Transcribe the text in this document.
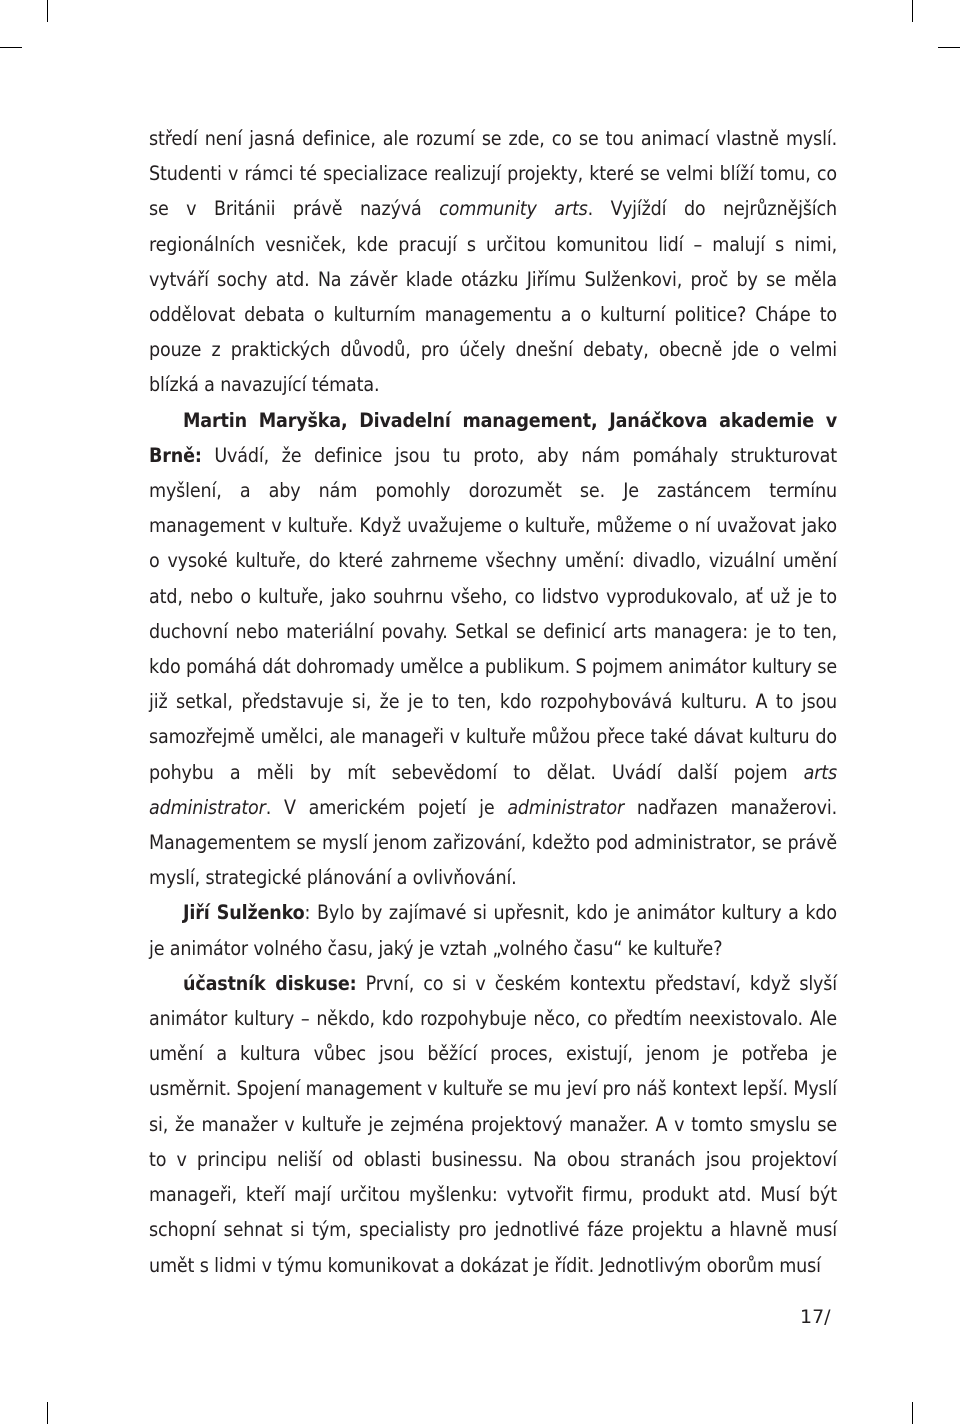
středí není jasná definice, ale rozumí se zde, co se tou animací vlastně myslí. Studenti v rámci té specializace realizují projekty, které se velmi blíží tomu, co se v Británii právě nazývá community arts. Vyjíždí do nejrůznějších regionálních vesniček, kde pracují s určitou komunitou lidí – malují s nimi, vytváří sochy atd. Na závěr klade otázku Jiřímu Sulženkovi, proč by se měla oddělovat debata o kulturním managementu a o kulturní politice? Chápe to pouze z praktických důvodů, pro účely dnešní debaty, obecně jde o velmi blízká a navazující témata.

Martin Maryška, Divadelní management, Janáčkova akademie v Brně: Uvádí, že definice jsou tu proto, aby nám pomáhaly strukturovat myšlení, a aby nám pomohly dorozumět se. Je zastáncem termínu management v kultuře. Když uvažujeme o kultuře, můžeme o ní uvažovat jako o vysoké kultuře, do které zahrneme všechny umění: divadlo, vizuální umění atd, nebo o kultuře, jako souhrnu všeho, co lidstvo vyprodukovalo, ať už je to duchovní nebo materiální povahy. Setkal se definicí arts managera: je to ten, kdo pomáhá dát dohromady umělce a publikum. S pojmem animátor kultury se již setkal, představuje si, že je to ten, kdo rozpohybovává kulturu. A to jsou samozřejmě umělci, ale manageři v kultuře můžou přece také dávat kulturu do pohybu a měli by mít sebevědomí to dělat. Uvádí další pojem arts administrator. V americkém pojetí je administrator nadřazen manažerovi. Managementem se myslí jenom zařizování, kdežto pod administrator, se právě myslí, strategické plánování a ovlivňování.

Jiří Sulženko: Bylo by zajímavé si upřesnit, kdo je animátor kultury a kdo je animátor volného času, jaký je vztah „volného času“ ke kultuře?

účastník diskuse: První, co si v českém kontextu představí, když slyší animátor kultury – někdo, kdo rozpohybuje něco, co předtím neexistovalo. Ale umění a kultura vůbec jsou běžící proces, existují, jenom je potřeba je usměrnit. Spojení management v kultuře se mu jeví pro náš kontext lepší. Myslí si, že manažer v kultuře je zejména projektový manažer. A v tomto smyslu se to v principu neliší od oblasti businessu. Na obou stranách jsou projektoví manageři, kteří mají určitou myšlenku: vytvořit firmu, produkt atd. Musí být schopní sehnat si tým, specialisty pro jednotlivé fáze projektu a hlavně musí umět s lidmi v týmu komunikovat a dokázat je řídit. Jednotlivým oborům musí

17/
